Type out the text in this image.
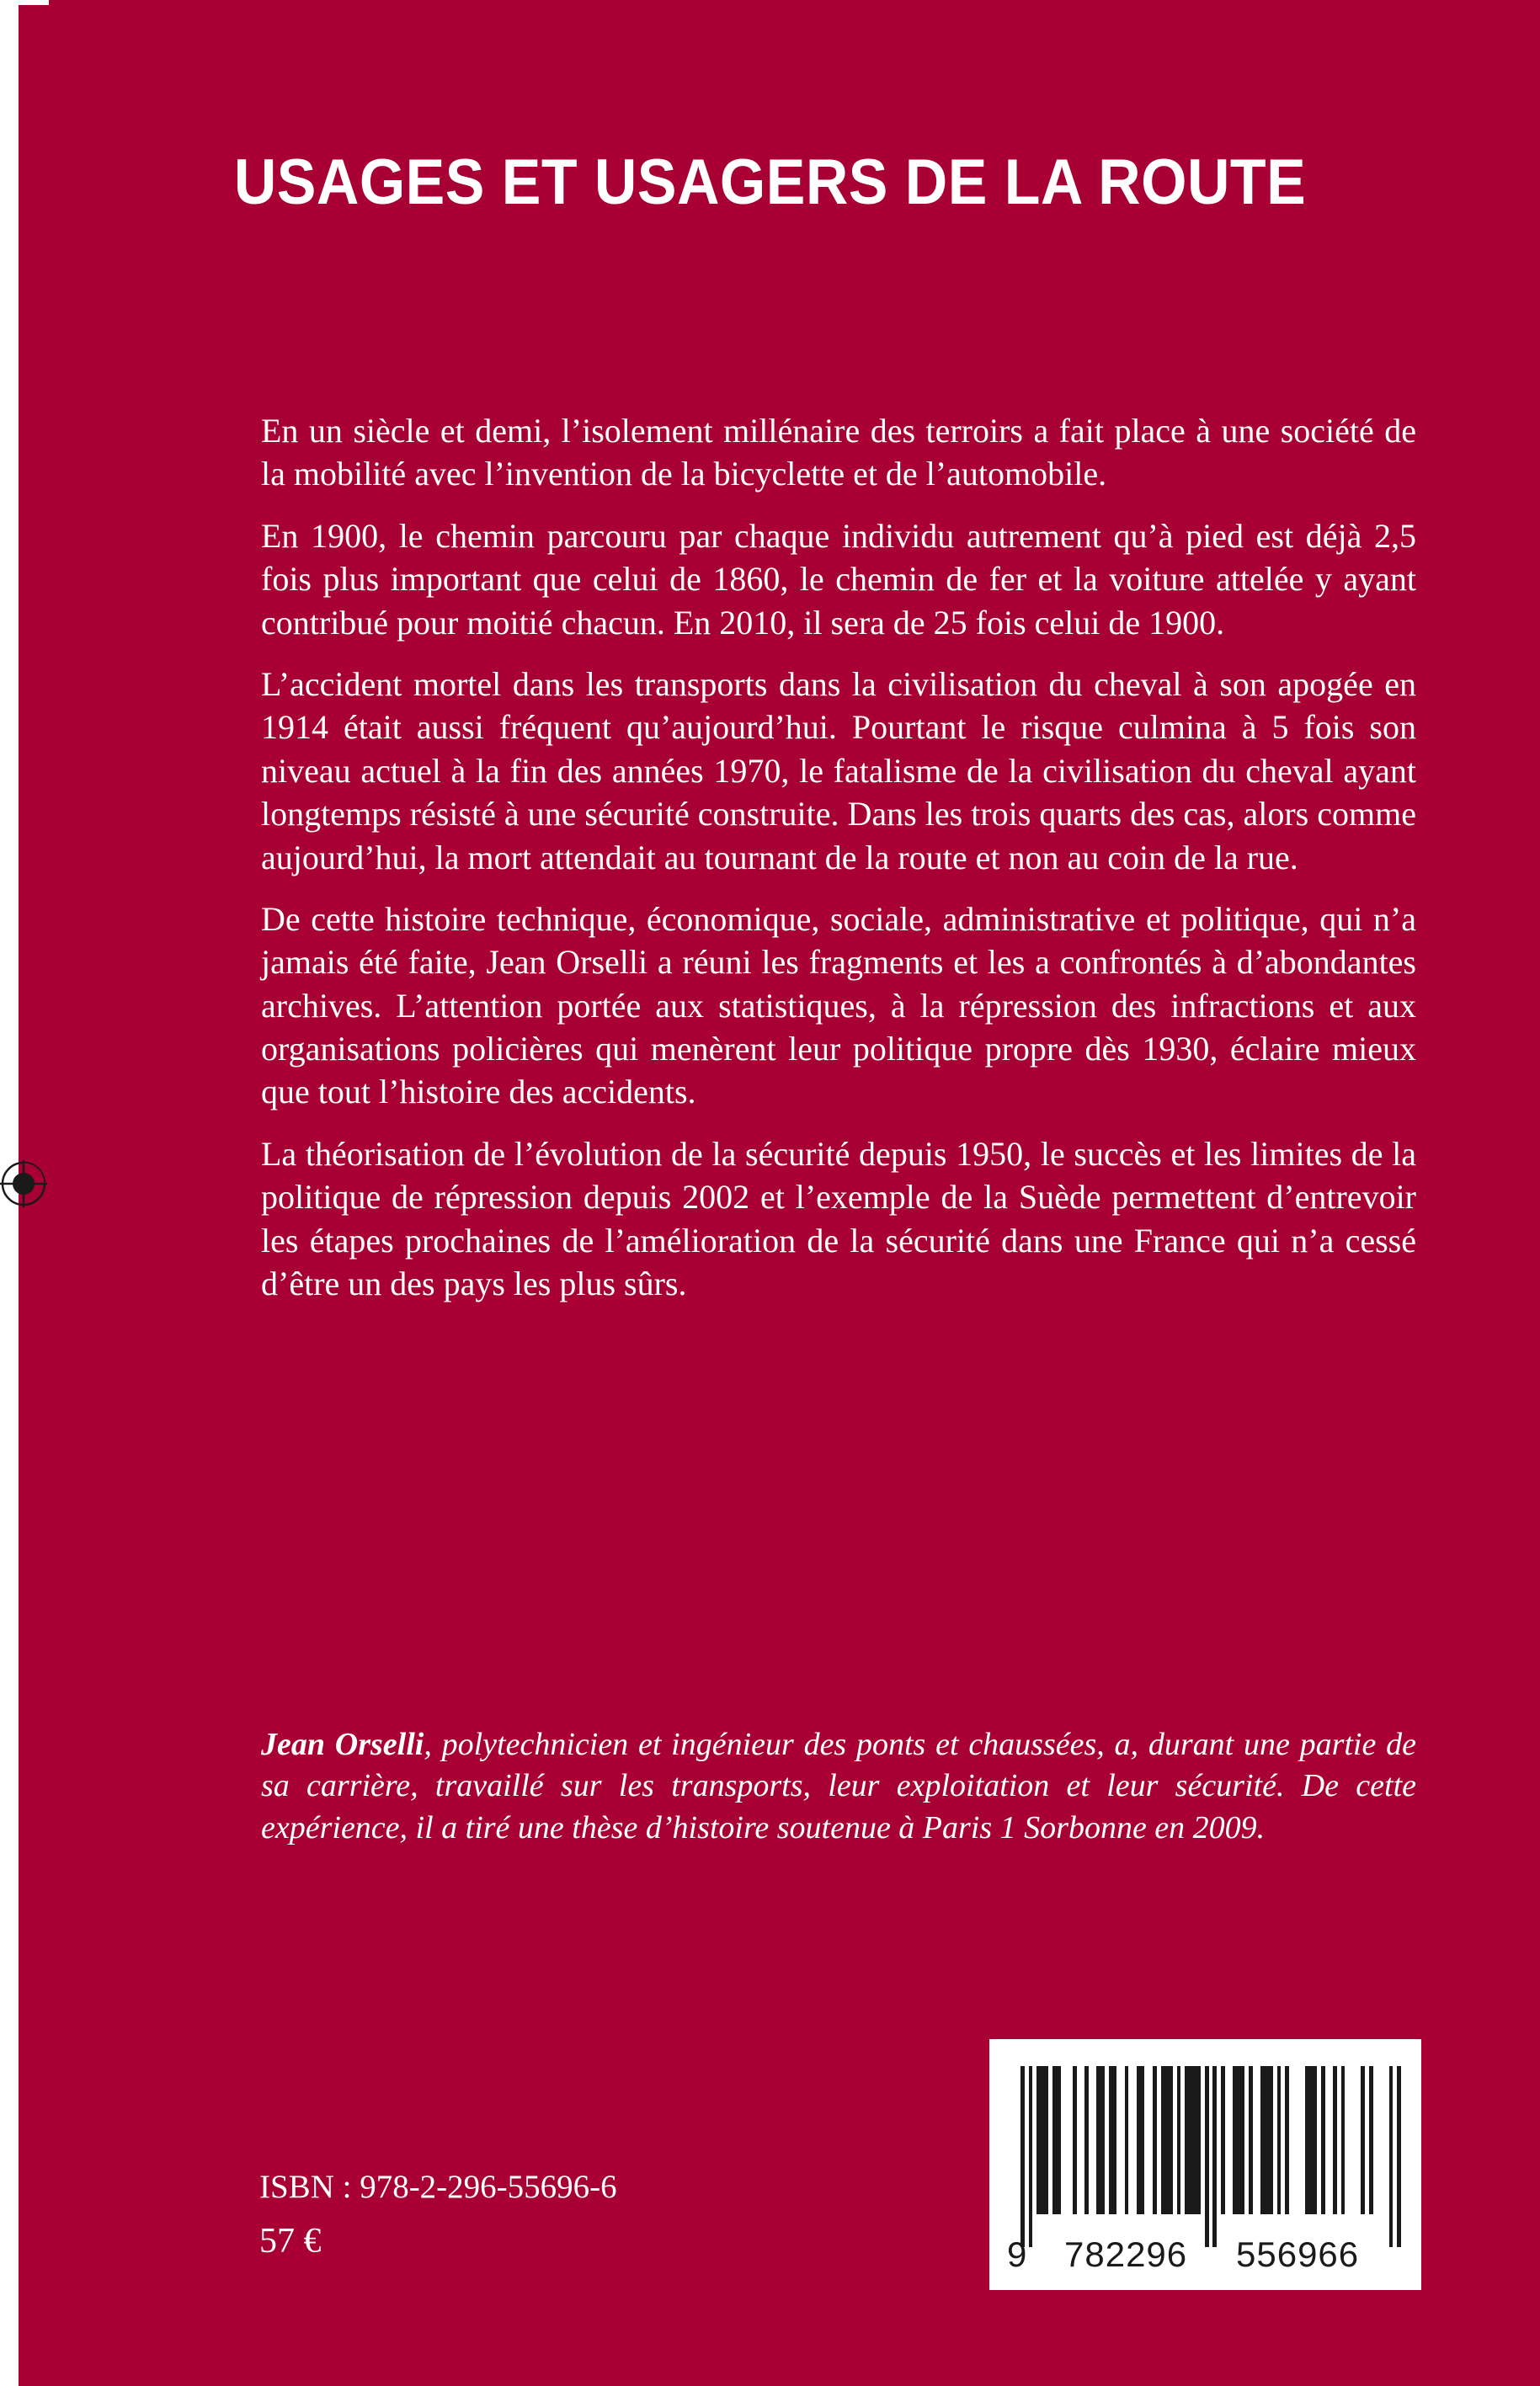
USAGES ET USAGERS DE LA ROUTE

En un siècle et demi, l’isolement millénaire des terroirs a fait place à une société de la mobilité avec l’invention de la bicyclette et de l’automobile.

En 1900, le chemin parcouru par chaque individu autrement qu’à pied est déjà 2,5 fois plus important que celui de 1860, le chemin de fer et la voiture attelée y ayant contribué pour moitié chacun. En 2010, il sera de 25 fois celui de 1900.

L’accident mortel dans les transports dans la civilisation du cheval à son apogée en 1914 était aussi fréquent qu’aujourd’hui. Pourtant le risque culmina à 5 fois son niveau actuel à la fin des années 1970, le fatalisme de la civilisation du cheval ayant longtemps résisté à une sécurité construite. Dans les trois quarts des cas, alors comme aujourd’hui, la mort attendait au tournant de la route et non au coin de la rue.

De cette histoire technique, économique, sociale, administrative et politique, qui n’a jamais été faite, Jean Orselli a réuni les fragments et les a confrontés à d’abondantes archives. L’attention portée aux statistiques, à la répression des infractions et aux organisations policières qui menèrent leur politique propre dès 1930, éclaire mieux que tout l’histoire des accidents.

La théorisation de l’évolution de la sécurité depuis 1950, le succès et les limites de la politique de répression depuis 2002 et l’exemple de la Suède permettent d’entrevoir les étapes prochaines de l’amélioration de la sécurité dans une France qui n’a cessé d’être un des pays les plus sûrs.

Jean Orselli, polytechnicien et ingénieur des ponts et chaussées, a, durant une partie de sa carrière, travaillé sur les transports, leur exploitation et leur sécurité. De cette expérience, il a tiré une thèse d’histoire soutenue à Paris 1 Sorbonne en 2009.

ISBN : 978-2-296-55696-6
57 €	9 782296 556966
